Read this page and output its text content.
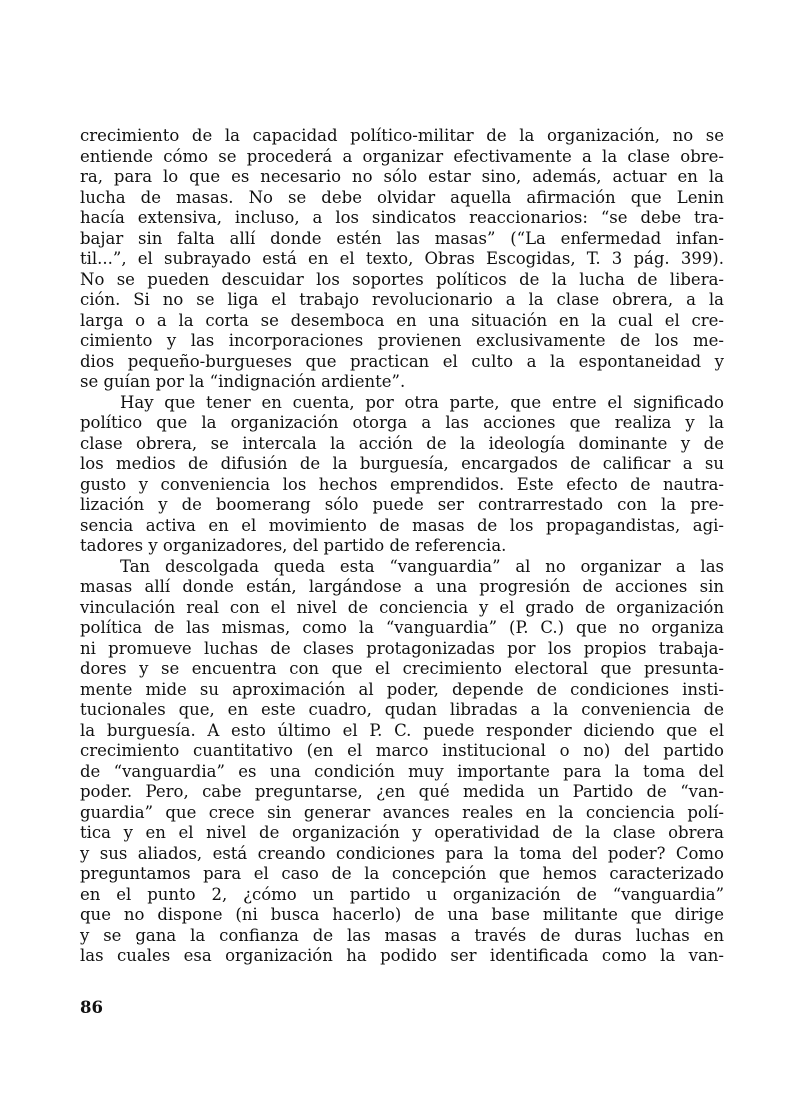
crecimiento de la capacidad político-militar de la organización, no se
entiende cómo se procederá a organizar efectivamente a la clase obre-
ra, para lo que es necesario no sólo estar sino, además, actuar en la
lucha de masas. No se debe olvidar aquella afirmación que Lenin
hacía extensiva, incluso, a los sindicatos reaccionarios: “se debe tra-
bajar sin falta allí donde estén las masas” (“La enfermedad infan-
til...”, el subrayado está en el texto, Obras Escogidas, T. 3 pág. 399).
No se pueden descuidar los soportes políticos de la lucha de libera-
ción. Si no se liga el trabajo revolucionario a la clase obrera, a la
larga o a la corta se desemboca en una situación en la cual el cre-
cimiento y las incorporaciones provienen exclusivamente de los me-
dios pequeño-burgueses que practican el culto a la espontaneidad y
se guían por la “indignación ardiente”.
Hay que tener en cuenta, por otra parte, que entre el significado
político que la organización otorga a las acciones que realiza y la
clase obrera, se intercala la acción de la ideología dominante y de
los medios de difusión de la burguesía, encargados de calificar a su
gusto y conveniencia los hechos emprendidos. Este efecto de nautra-
lización y de boomerang sólo puede ser contrarrestado con la pre-
sencia activa en el movimiento de masas de los propagandistas, agi-
tadores y organizadores, del partido de referencia.
Tan descolgada queda esta “vanguardia” al no organizar a las
masas allí donde están, largándose a una progresión de acciones sin
vinculación real con el nivel de conciencia y el grado de organización
política de las mismas, como la “vanguardia” (P. C.) que no organiza
ni promueve luchas de clases protagonizadas por los propios trabaja-
dores y se encuentra con que el crecimiento electoral que presunta-
mente mide su aproximación al poder, depende de condiciones insti-
tucionales que, en este cuadro, qudan libradas a la conveniencia de
la burguesía. A esto último el P. C. puede responder diciendo que el
crecimiento cuantitativo (en el marco institucional o no) del partido
de “vanguardia” es una condición muy importante para la toma del
poder. Pero, cabe preguntarse, ¿en qué medida un Partido de “van-
guardia” que crece sin generar avances reales en la conciencia polí-
tica y en el nivel de organización y operatividad de la clase obrera
y sus aliados, está creando condiciones para la toma del poder? Como
preguntamos para el caso de la concepción que hemos caracterizado
en el punto 2, ¿cómo un partido u organización de “vanguardia”
que no dispone (ni busca hacerlo) de una base militante que dirige
y se gana la confianza de las masas a través de duras luchas en
las cuales esa organización ha podido ser identificada como la van-
86
